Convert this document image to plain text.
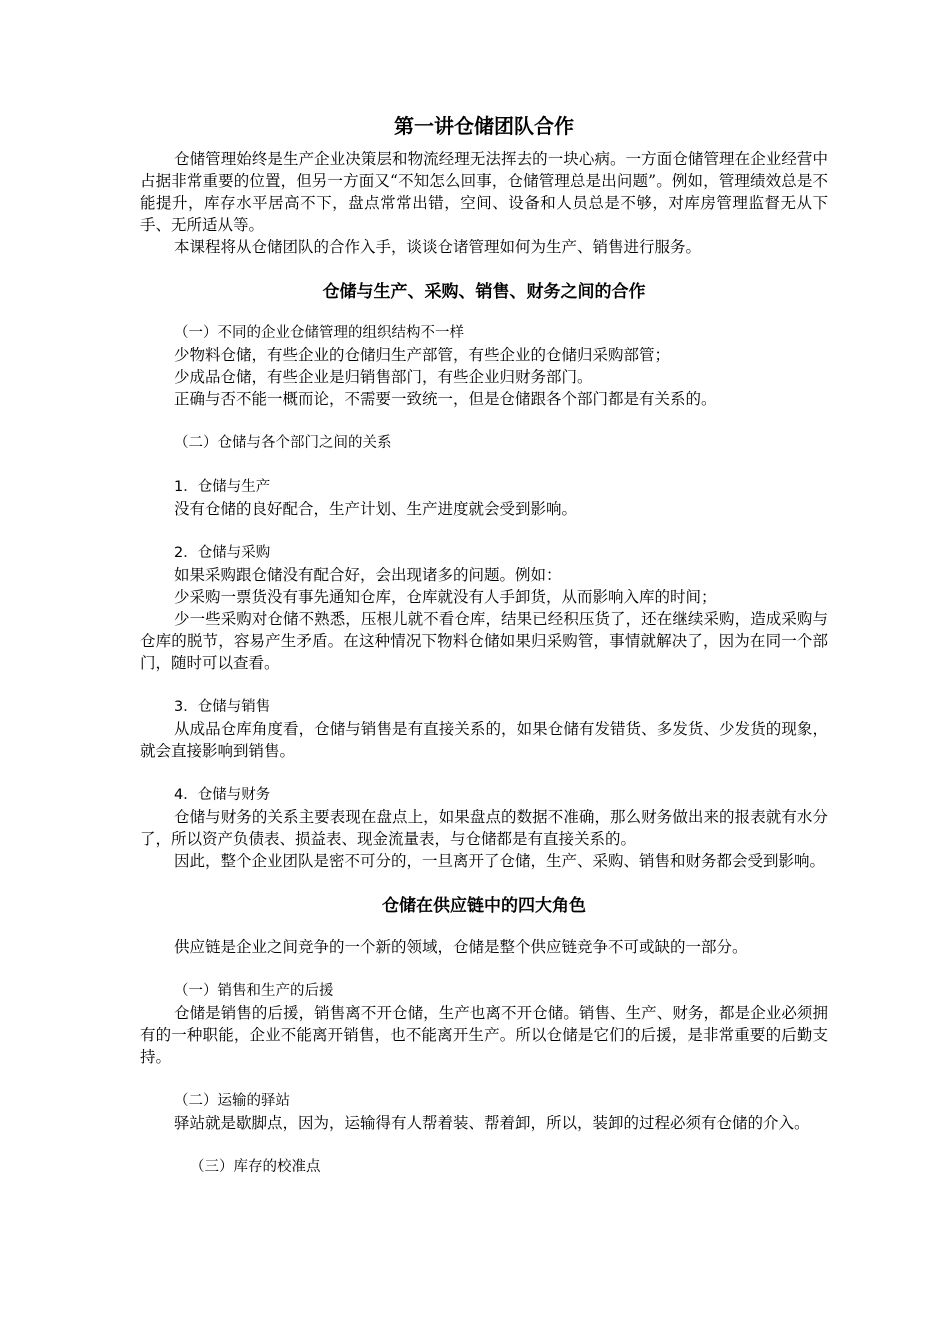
第一讲仓储团队合作

仓储管理始终是生产企业决策层和物流经理无法挥去的一块心病。一方面仓储管理在企业经营中占据非常重要的位置，但另一方面又“不知怎么回事，仓储管理总是出问题”。例如，管理绩效总是不能提升，库存水平居高不下，盘点常常出错，空间、设备和人员总是不够，对库房管理监督无从下手、无所适从等。

本课程将从仓储团队的合作入手，谈谈仓诸管理如何为生产、销售进行服务。

仓储与生产、采购、销售、财务之间的合作
（一）不同的企业仓储管理的组织结构不一样

少物料仓储，有些企业的仓储归生产部管，有些企业的仓储归采购部管；

少成品仓储，有些企业是归销售部门，有些企业归财务部门。

正确与否不能一概而论，不需要一致统一，但是仓储跟各个部门都是有关系的。

（二）仓储与各个部门之间的关系
1．仓储与生产

没有仓储的良好配合，生产计划、生产进度就会受到影响。

2．仓储与采购

如果采购跟仓储没有配合好，会出现诸多的问题。例如：

少采购一票货没有事先通知仓库，仓库就没有人手卸货，从而影响入库的时间；

少一些采购对仓储不熟悉，压根儿就不看仓库，结果已经积压货了，还在继续采购，造成采购与仓库的脱节，容易产生矛盾。在这种情况下物料仓储如果归采购管，事情就解决了，因为在同一个部门，随时可以查看。

3．仓储与销售

从成品仓库角度看，仓储与销售是有直接关系的，如果仓储有发错货、多发货、少发货的现象，就会直接影响到销售。

4．仓储与财务

仓储与财务的关系主要表现在盘点上，如果盘点的数据不准确，那么财务做出来的报表就有水分了，所以资产负债表、损益表、现金流量表，与仓储都是有直接关系的。

因此，整个企业团队是密不可分的，一旦离开了仓储，生产、采购、销售和财务都会受到影响。

仓储在供应链中的四大角色

供应链是企业之间竞争的一个新的领域，仓储是整个供应链竞争不可或缺的一部分。

（一）销售和生产的后援

仓储是销售的后援，销售离不开仓储，生产也离不开仓储。销售、生产、财务，都是企业必须拥有的一种职能，企业不能离开销售，也不能离开生产。所以仓储是它们的后援，是非常重要的后勤支持。

（二）运输的驿站

驿站就是歇脚点，因为，运输得有人帮着装、帮着卸，所以，装卸的过程必须有仓储的介入。

（三）库存的校准点
